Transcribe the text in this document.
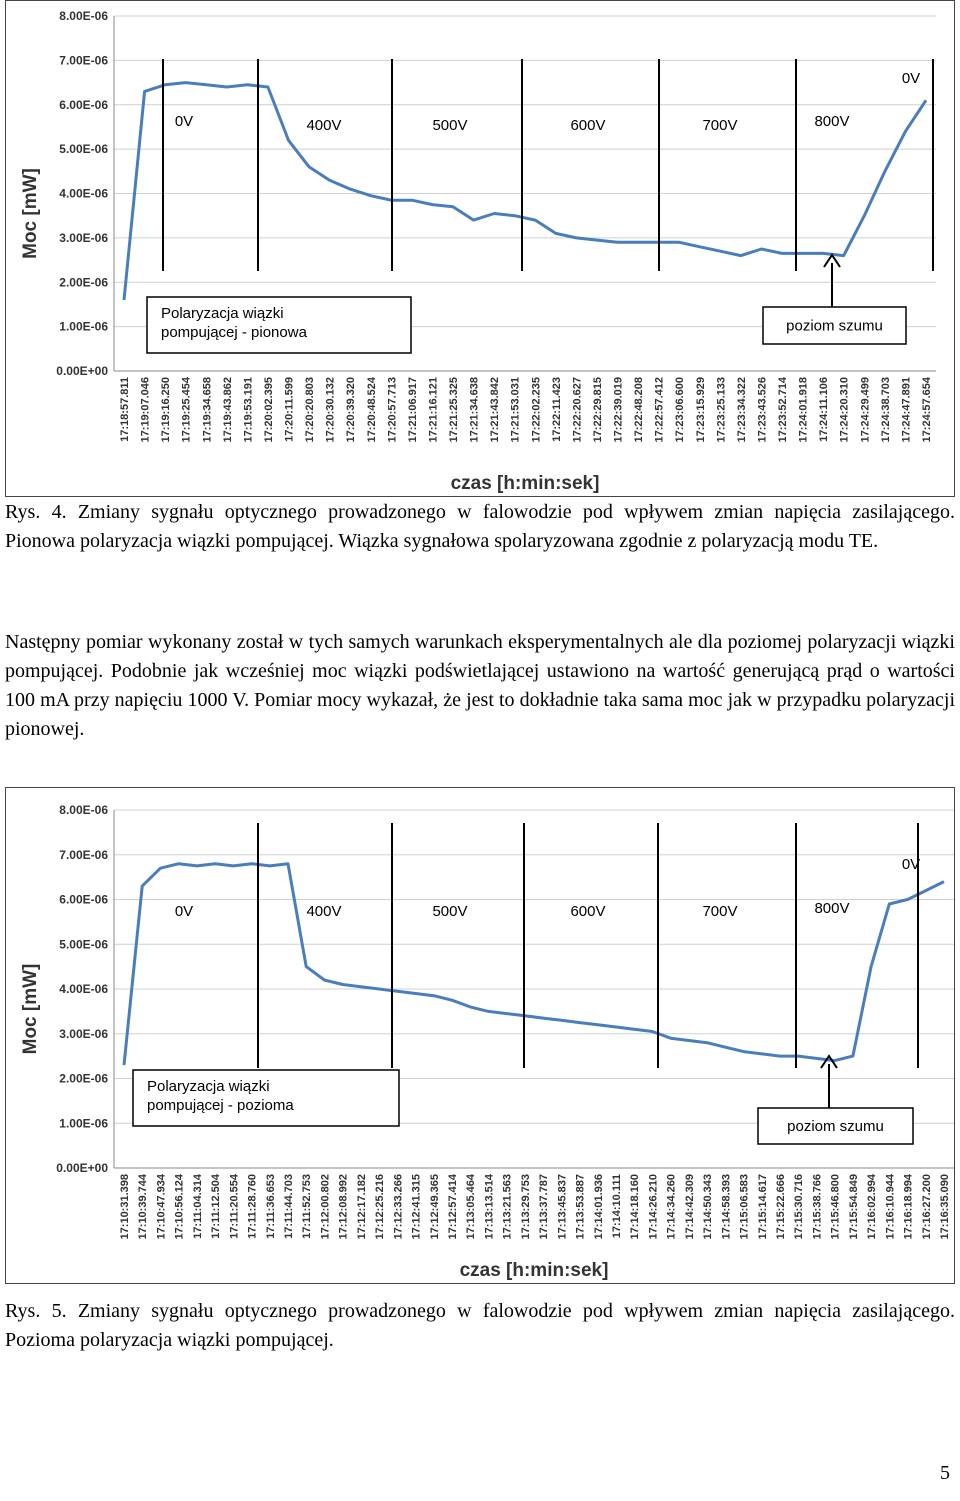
0.00E+00
1.00E-06
2.00E-06
3.00E-06
4.00E-06
5.00E-06
6.00E-06
7.00E-06
8.00E-06
17:18:57.811 17:19:07.046 17:19:16.250 17:19:25.454 17:19:34.658 17:19:43.862 17:19:53.191 17:20:02.395 17:20:11.599 17:20:20.803 17:20:30.132 17:20:39.320 17:20:48.524 17:20:57.713 17:21:06.917 17:21:16.121 17:21:25.325 17:21:34.638 17:21:43.842 17:21:53.031 17:22:02.235 17:22:11.423 17:22:20.627 17:22:29.815 17:22:39.019 17:22:48.208 17:22:57.412 17:23:06.600 17:23:15.929 17:23:25.133 17:23:34.322 17:23:43.526 17:23:52.714 17:24:01.918 17:24:11.106 17:24:20.310 17:24:29.499 17:24:38.703 17:24:47.891 17:24:57.654
Moc [mW]
czas [h:min:sek]
0V	400V	500V	600V	700V	800V
0V
Polaryzacja wiązki
pompującej - pionowa	poziom szumu

Rys. 4. Zmiany sygnału optycznego prowadzonego w falowodzie pod wpływem zmian napięcia zasilającego. Pionowa polaryzacja wiązki pompującej. Wiązka sygnałowa spolaryzowana zgodnie z polaryzacją modu TE.

Następny pomiar wykonany został w tych samych warunkach eksperymentalnych ale dla poziomej polaryzacji wiązki pompującej. Podobnie jak wcześniej moc wiązki podświetlającej ustawiono na wartość generującą prąd o wartości 100 mA przy napięciu 1000 V. Pomiar mocy wykazał, że jest to dokładnie taka sama moc jak w przypadku polaryzacji pionowej.

0.00E+00
1.00E-06
2.00E-06
3.00E-06
4.00E-06
5.00E-06
6.00E-06
7.00E-06
8.00E-06
17:10:31.398 17:10:39.744 17:10:47.934 17:10:56.124 17:11:04.314 17:11:12.504 17:11:20.554 17:11:28.760 17:11:36.653 17:11:44.703 17:11:52.753 17:12:00.802 17:12:08.992 17:12:17.182 17:12:25.216 17:12:33.266 17:12:41.315 17:12:49.365 17:12:57.414 17:13:05.464 17:13:13.514 17:13:21.563 17:13:29.753 17:13:37.787 17:13:45.837 17:13:53.887 17:14:01.936 17:14:10.111 17:14:18.160 17:14:26.210 17:14:34.260 17:14:42.309 17:14:50.343 17:14:58.393 17:15:06.583 17:15:14.617 17:15:22.666 17:15:30.716 17:15:38.766 17:15:46.800 17:15:54.849 17:16:02.994 17:16:10.944 17:16:18.994 17:16:27.200 17:16:35.090
Moc [mW]
czas [h:min:sek]
0V	400V	500V	600V	700V	800V
0V
Polaryzacja wiązki
pompującej - pozioma
poziom szumu

Rys. 5. Zmiany sygnału optycznego prowadzonego w falowodzie pod wpływem zmian napięcia zasilającego. Pozioma polaryzacja wiązki pompującej.

5
